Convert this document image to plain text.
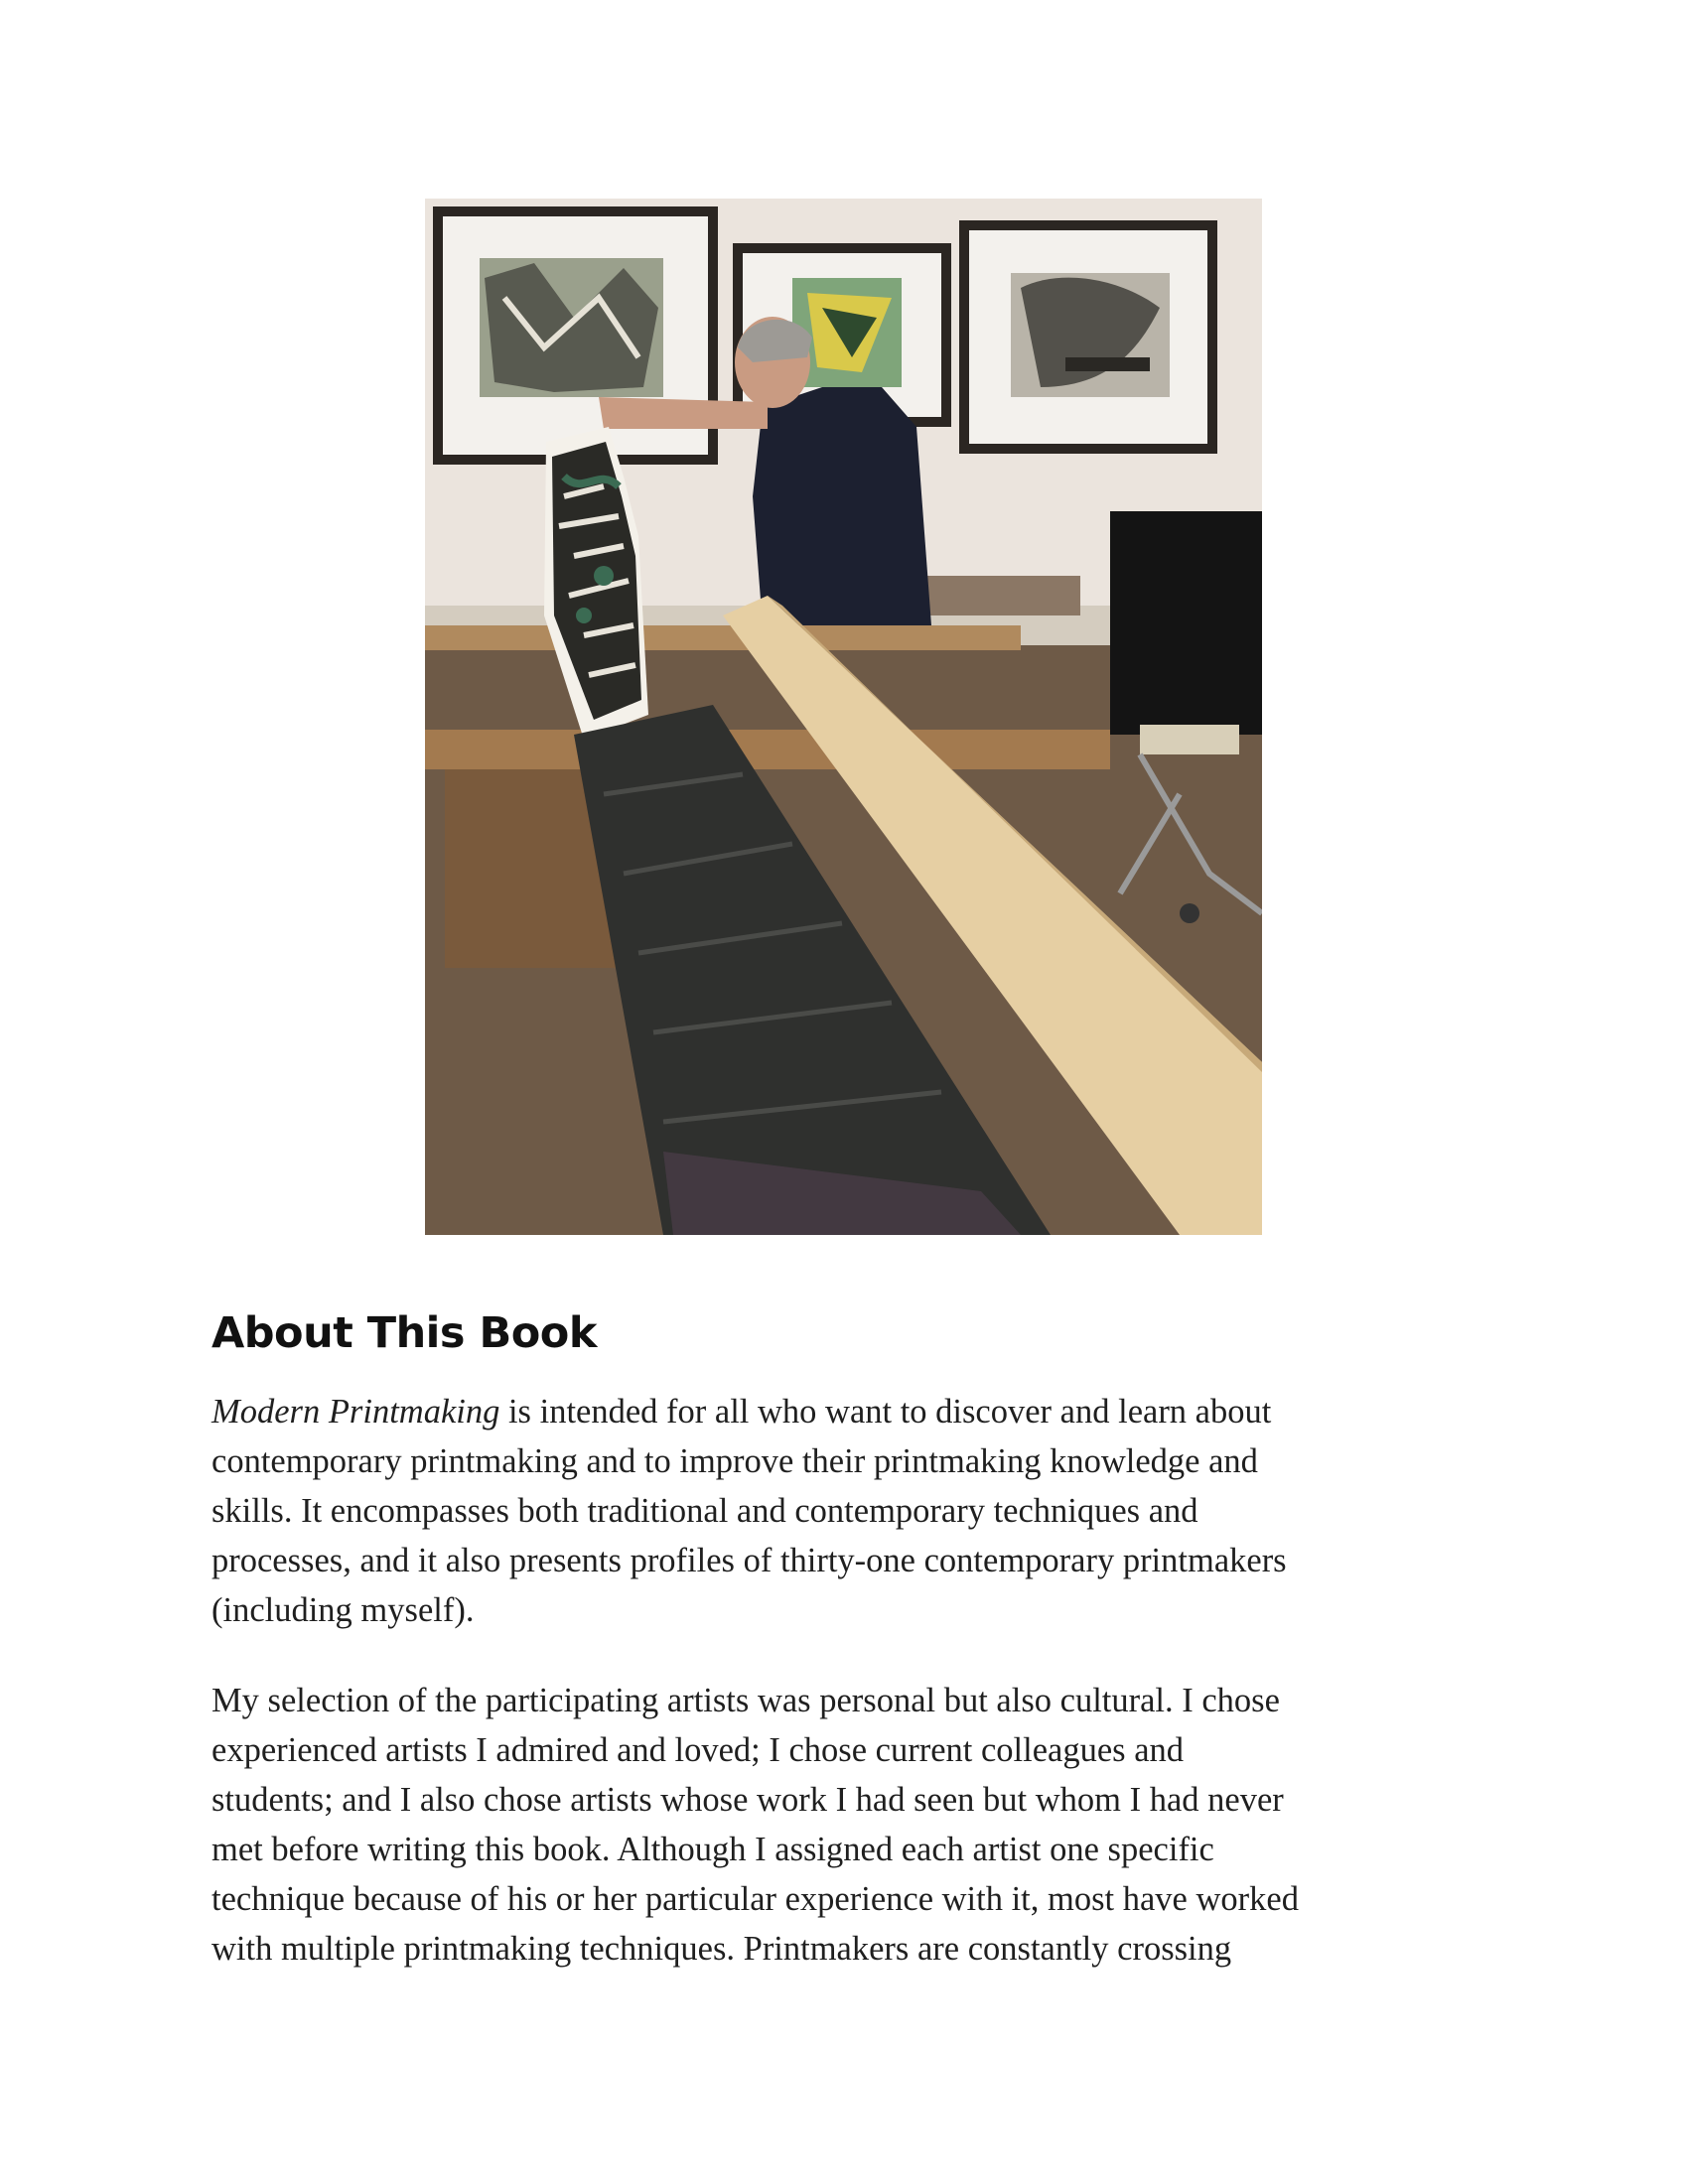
About This Book

Modern Printmaking is intended for all who want to discover and learn about
contemporary printmaking and to improve their printmaking knowledge and
skills. It encompasses both traditional and contemporary techniques and
processes, and it also presents profiles of thirty-one contemporary printmakers
(including myself).

My selection of the participating artists was personal but also cultural. I chose
experienced artists I admired and loved; I chose current colleagues and
students; and I also chose artists whose work I had seen but whom I had never
met before writing this book. Although I assigned each artist one specific
technique because of his or her particular experience with it, most have worked
with multiple printmaking techniques. Printmakers are constantly crossing
